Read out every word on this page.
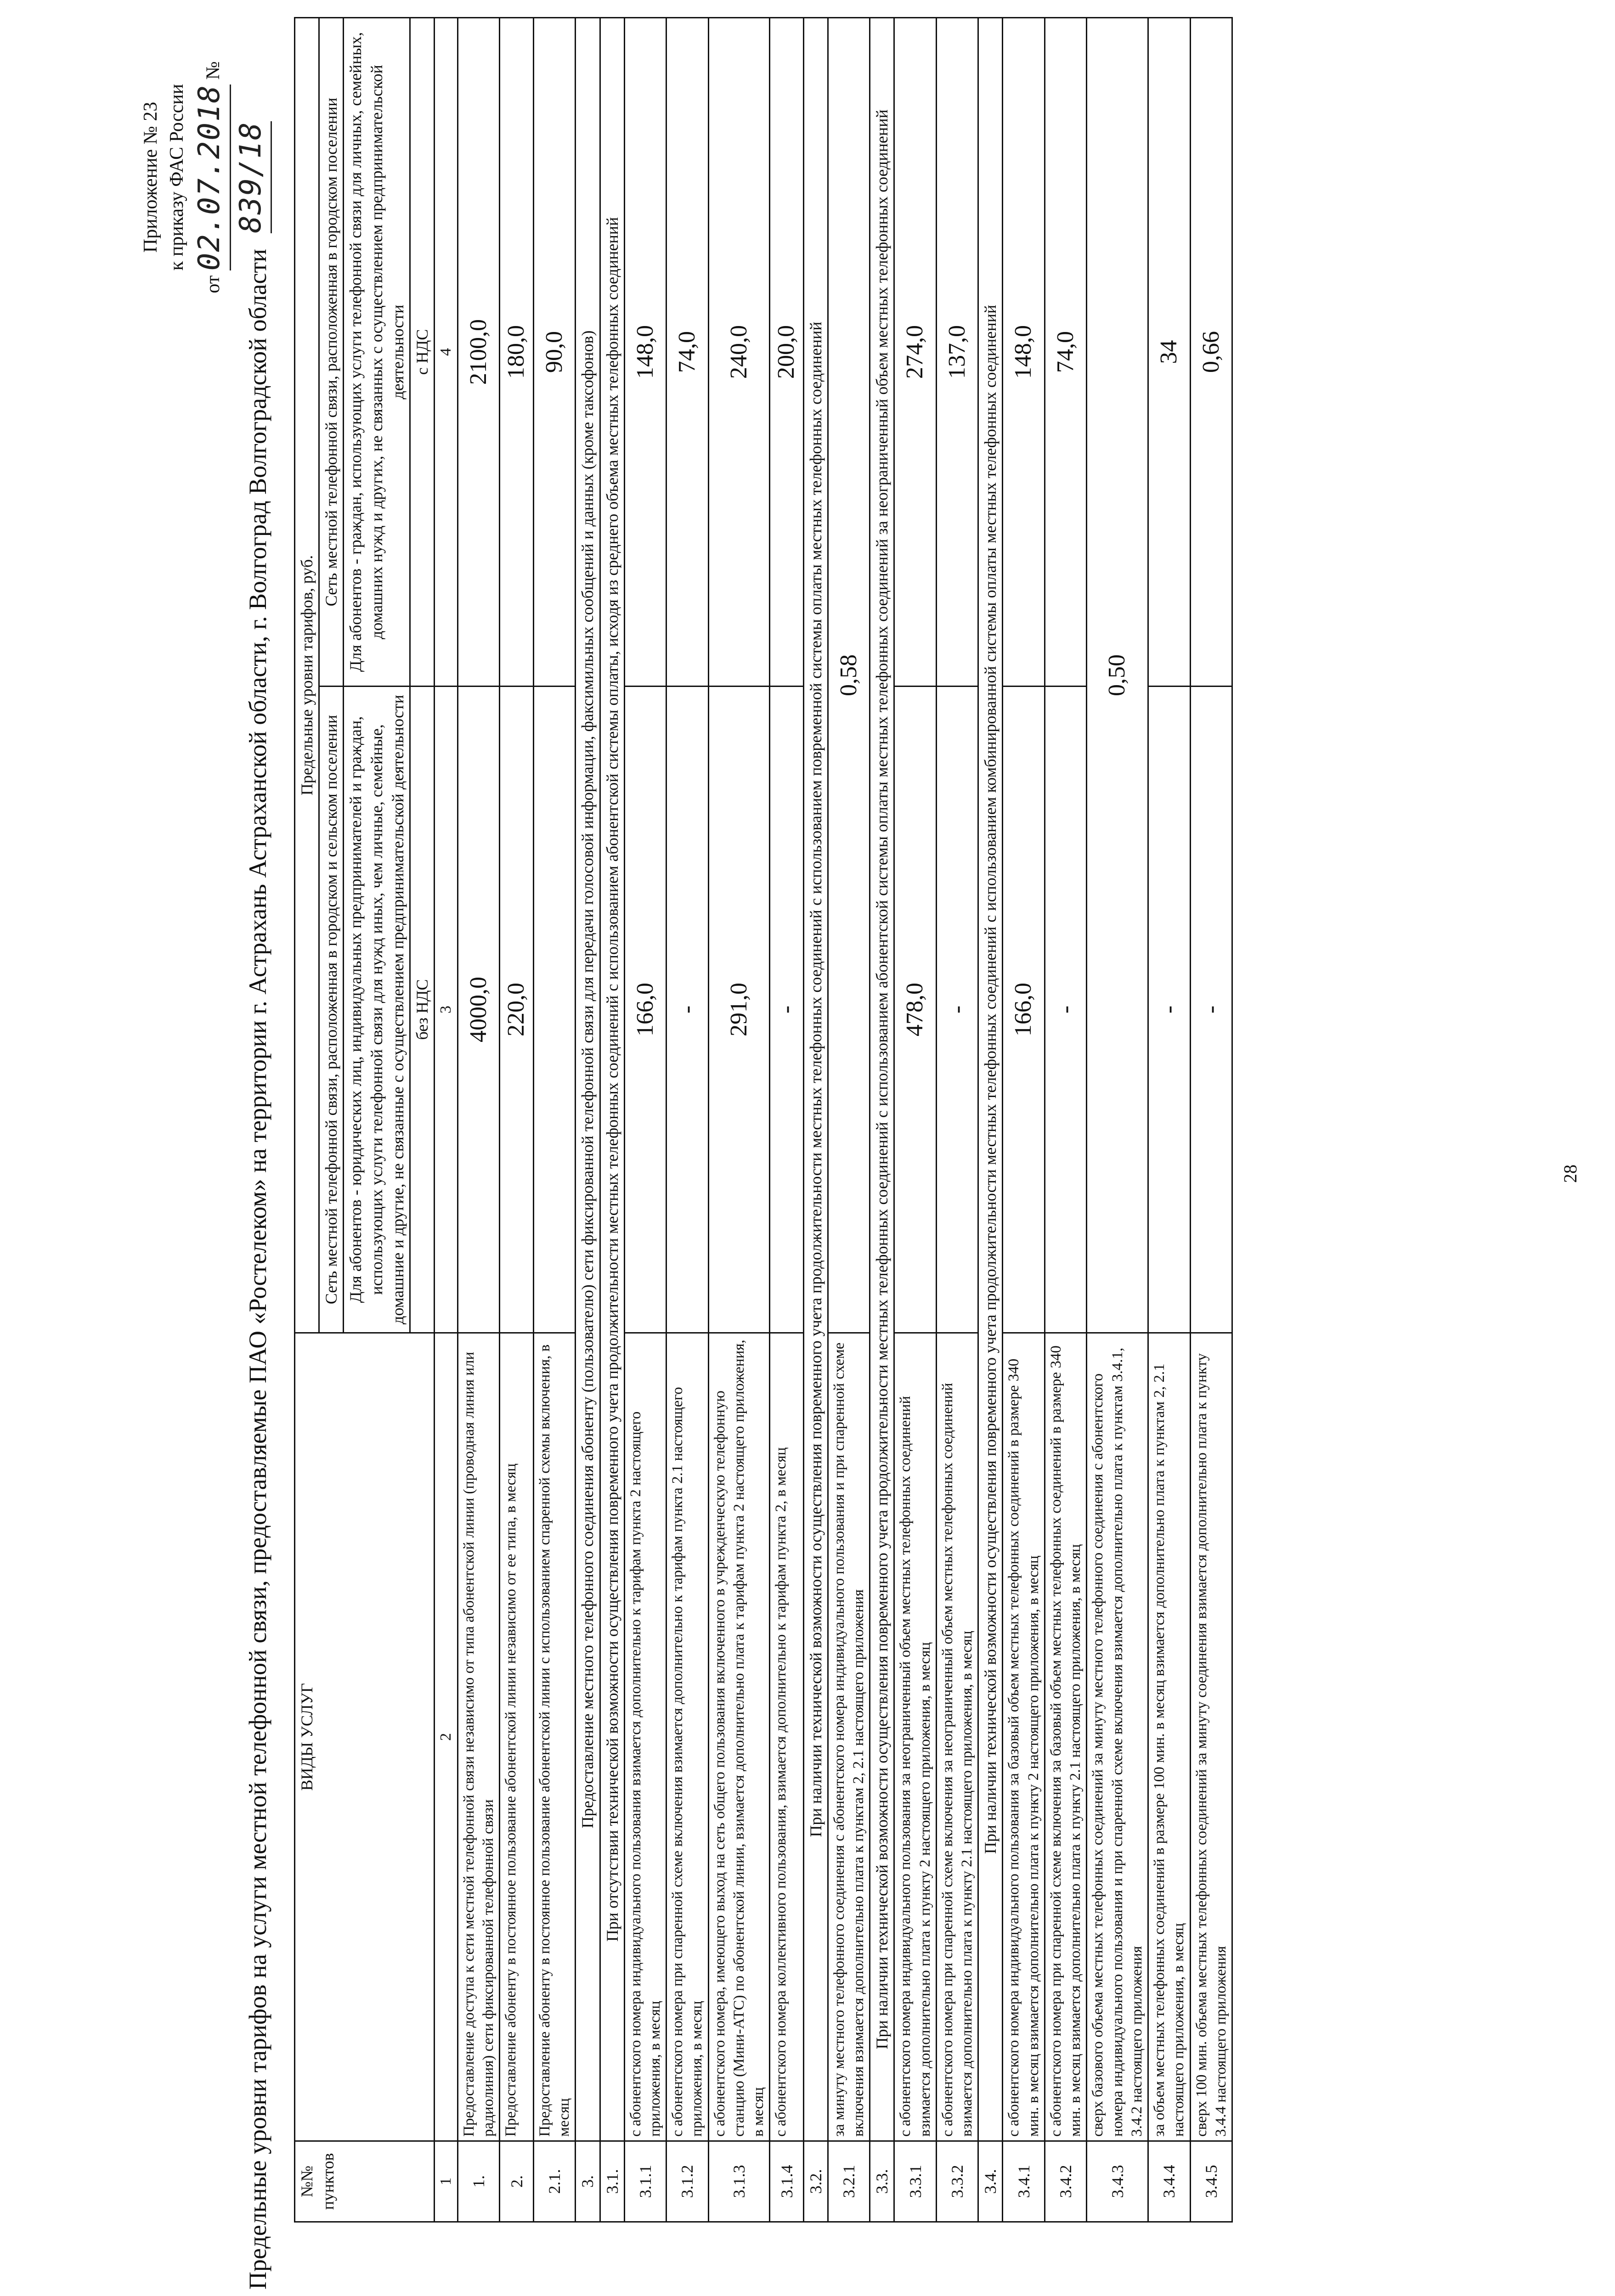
Приложение № 23 к приказу ФАС России
от 02.07.2018 № 839/18
Предельные уровни тарифов на услуги местной телефонной связи, предоставляемые ПАО «Ростелеком» на территории г. Астрахань Астраханской области, г. Волгоград Волгоградской области №№ пунктов	ВИДЫ УСЛУГ	Предельные уровни тарифов, руб.	
		Сеть местной телефонной связи, расположенная в городском и сельском поселении	Сеть местной телефонной связи, расположенная в городском поселении
		Для абонентов - юридических лиц, индивидуальных предпринимателей и граждан, использующих услуги телефонной связи для нужд иных, чем личные, семейные, домашние и другие, не связанные с осуществлением предпринимательской деятельности	Для абонентов - граждан, использующих услуги телефонной связи для личных, семейных, домашних нужд и других, не связанных с осуществлением предпринимательской деятельности
		без НДС	с НДС
1	2	3	4
1.	Предоставление доступа к сети местной телефонной связи независимо от типа абонентской линии (проводная линия или радиолиния) сети фиксированной телефонной связи	4000,0	2100,0
2.	Предоставление абоненту в постоянное пользование абонентской линии независимо от ее типа, в месяц	220,0	180,0
2.1.	Предоставление абоненту в постоянное пользование абонентской линии с использованием спаренной схемы включения, в месяц		90,0
3.	Предоставление местного телефонного соединения абоненту (пользователю) сети фиксированной телефонной связи для передачи голосовой информации, факсимильных сообщений и данных (кроме таксофонов)		
3.1.	При отсутствии технической возможности осуществления повременного учета продолжительности местных телефонных соединений с использованием абонентской системы оплаты, исходя из среднего объема местных телефонных соединений		
3.1.1	с абонентского номера индивидуального пользования взимается дополнительно к тарифам пункта 2 настоящего приложения, в месяц	166,0	148,0
3.1.2	с абонентского номера при спаренной схеме включения взимается дополнительно к тарифам пункта 2.1 настоящего приложения, в месяц	-	74,0
3.1.3	с абонентского номера, имеющего выход на сеть общего пользования включенного в учрежденческую телефонную станцию (Мини-АТС) по абонентской линии, взимается дополнительно плата к тарифам пункта 2 настоящего приложения, в месяц	291,0	240,0
3.1.4	с абонентского номера коллективного пользования, взимается дополнительно к тарифам пункта 2, в месяц	-	200,0
3.2.	При наличии технической возможности осуществления повременного учета продолжительности местных телефонных соединений с использованием повременной системы оплаты местных телефонных соединений		
3.2.1	за минуту местного телефонного соединения с абонентского номера индивидуального пользования и при спаренной схеме включения взимается дополнительно плата к пунктам 2, 2.1 настоящего приложения	0,58	
3.3.	При наличии технической возможности осуществления повременного учета продолжительности местных телефонных соединений с использованием абонентской системы оплаты местных телефонных соединений за неограниченный объем местных телефонных соединений		
3.3.1	с абонентского номера индивидуального пользования за неограниченный объем местных телефонных соединений взимается дополнительно плата к пункту 2 настоящего приложения, в месяц	478,0	274,0
3.3.2	с абонентского номера при спаренной схеме включения за неограниченный объем местных телефонных соединений взимается дополнительно плата к пункту 2.1 настоящего приложения, в месяц	-	137,0
3.4.	При наличии технической возможности осуществления повременного учета продолжительности местных телефонных соединений с использованием комбинированной системы оплаты местных телефонных соединений		
3.4.1	с абонентского номера индивидуального пользования за базовый объем местных телефонных соединений в размере 340 мин. в месяц взимается дополнительно плата к пункту 2 настоящего приложения, в месяц	166,0	148,0
3.4.2	с абонентского номера при спаренной схеме включения за базовый объем местных телефонных соединений в размере 340 мин. в месяц взимается дополнительно плата к пункту 2.1 настоящего приложения, в месяц	-	74,0
3.4.3	сверх базового объема местных телефонных соединений за минуту местного телефонного соединения с абонентского номера индивидуального пользования и при спаренной схеме включения взимается дополнительно плата к пунктам 3.4.1, 3.4.2 настоящего приложения	0,50	
3.4.4	за объем местных телефонных соединений в размере 100 мин. в месяц взимается дополнительно плата к пунктам 2, 2.1 настоящего приложения, в месяц	-	34
3.4.5	сверх 100 мин. объема местных телефонных соединений за минуту соединения взимается дополнительно плата к пункту 3.4.4 настоящего приложения	-	0,66
28
